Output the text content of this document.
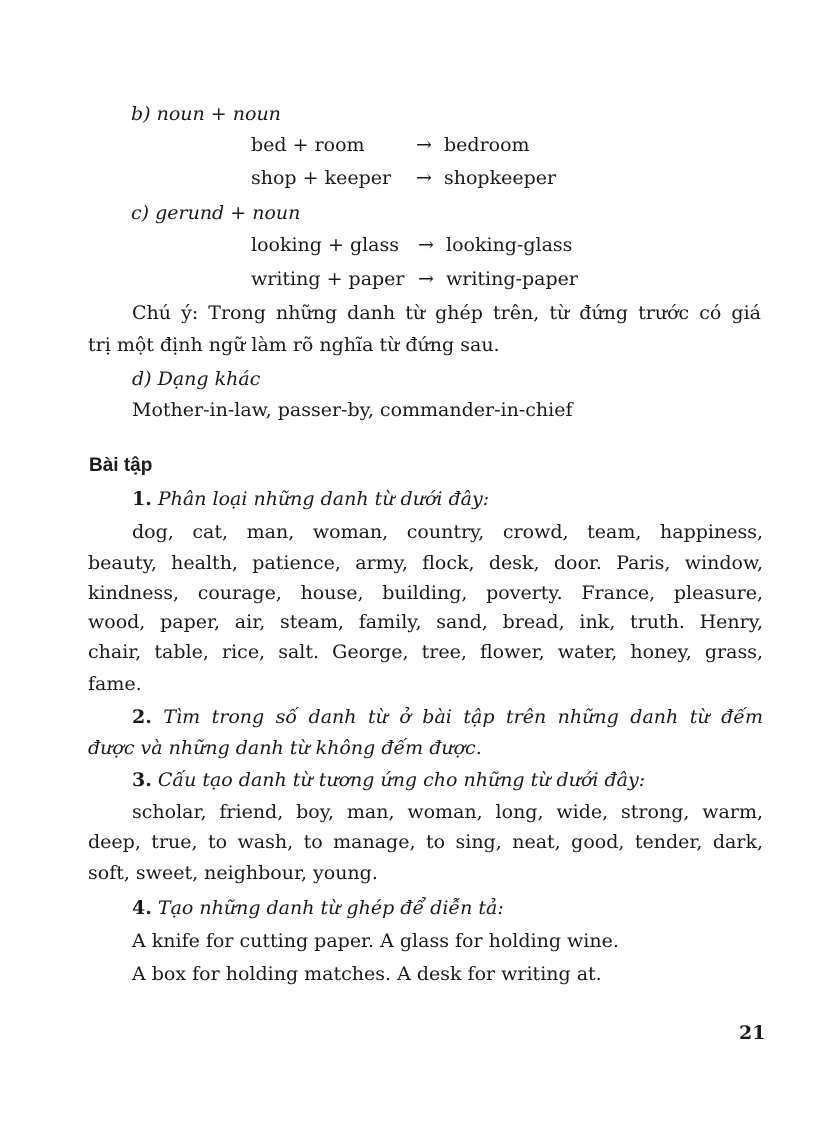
b) noun + noun
bed + room	→ bedroom
shop + keeper → shopkeeper
c) gerund + noun
looking + glass → looking-glass
writing + paper → writing-paper
Chú ý: Trong những danh từ ghép trên, từ đứng trước có giá
trị một định ngữ làm rõ nghĩa từ đứng sau.
d) Dạng khác
Mother-in-law, passer-by, commander-in-chief
Bài tập
1. Phân loại những danh từ dưới đây:
dog, cat, man, woman, country, crowd, team, happiness,
beauty, health, patience, army, flock, desk, door. Paris, window,
kindness, courage, house, building, poverty. France, pleasure,
wood, paper, air, steam, family, sand, bread, ink, truth. Henry,
chair, table, rice, salt. George, tree, flower, water, honey, grass,
fame.
2. Tìm trong số danh từ ở bài tập trên những danh từ đếm
được và những danh từ không đếm được.
3. Cấu tạo danh từ tương ứng cho những từ dưới đây:
scholar, friend, boy, man, woman, long, wide, strong, warm,
deep, true, to wash, to manage, to sing, neat, good, tender, dark,
soft, sweet, neighbour, young.
4. Tạo những danh từ ghép để diễn tả:
A knife for cutting paper. A glass for holding wine.
A box for holding matches. A desk for writing at.
21
